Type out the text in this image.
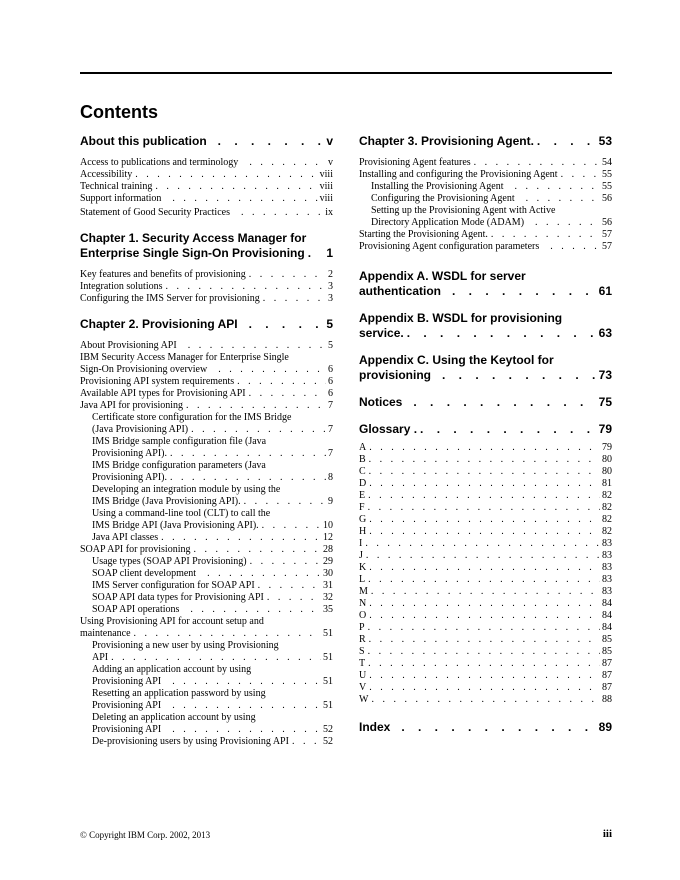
Contents
About this publication . . .	v
Access to publications and terminology . . .	v
Accessibility . . .	viii
Technical training . . .	viii
Support information . . .	viii
Statement of Good Security Practices . . .	ix
Chapter 1. Security Access Manager for
Enterprise Single Sign-On Provisioning . . . 1
Key features and benefits of provisioning . . .	2
Integration solutions . . .	3
Configuring the IMS Server for provisioning . . .	3
Chapter 2. Provisioning API . . .	5
About Provisioning API . . .	5
IBM Security Access Manager for Enterprise Single
Sign-On Provisioning overview . . .	6
Provisioning API system requirements . . .	6
Available API types for Provisioning API . . .	6
Java API for provisioning . . .	7
Certificate store configuration for the IMS Bridge
(Java Provisioning API) . . .	7
IMS Bridge sample configuration file (Java
Provisioning API). . . .	7
IMS Bridge configuration parameters (Java
Provisioning API). . . .	8
Developing an integration module by using the
IMS Bridge (Java Provisioning API). . . .	9
Using a command-line tool (CLT) to call the
IMS Bridge API (Java Provisioning API). . . .	10
Java API classes . . .	12
SOAP API for provisioning . . .	28
Usage types (SOAP API Provisioning) . . .	29
SOAP client development . . .	30
IMS Server configuration for SOAP API . . .	31
SOAP API data types for Provisioning API . . .	32
SOAP API operations . . .	35
Using Provisioning API for account setup and
maintenance . . .	51
Provisioning a new user by using Provisioning
API . . .	51
Adding an application account by using
Provisioning API . . .	51
Resetting an application password by using
Provisioning API . . .	51
Deleting an application account by using
Provisioning API . . .	52
De-provisioning users by using Provisioning API . . .	52
Chapter 3. Provisioning Agent. . . .	53
Provisioning Agent features . . .	54
Installing and configuring the Provisioning Agent . . .	55
Installing the Provisioning Agent . . .	55
Configuring the Provisioning Agent . . .	56
Setting up the Provisioning Agent with Active
Directory Application Mode (ADAM) . . .	56
Starting the Provisioning Agent. . . .	57
Provisioning Agent configuration parameters . . .	57
Appendix A. WSDL for server
authentication . . .	61
Appendix B. WSDL for provisioning
service. . . .	63
Appendix C. Using the Keytool for
provisioning . . .	73
Notices . . .	75
Glossary . . . .	79
A . . .	79
B . . .	80
C . . .	80
D . . .	81
E . . .	82
F . . .	82
G . . .	82
H . . .	82
I . . .	83
J . . .	83
K . . .	83
L . . .	83
M . . .	83
N . . .	84
O . . .	84
P . . .	84
R . . .	85
S . . .	85
T . . .	87
U . . .	87
V . . .	87
W . . .	88
Index . . .	89
© Copyright IBM Corp. 2002, 2013	iii
